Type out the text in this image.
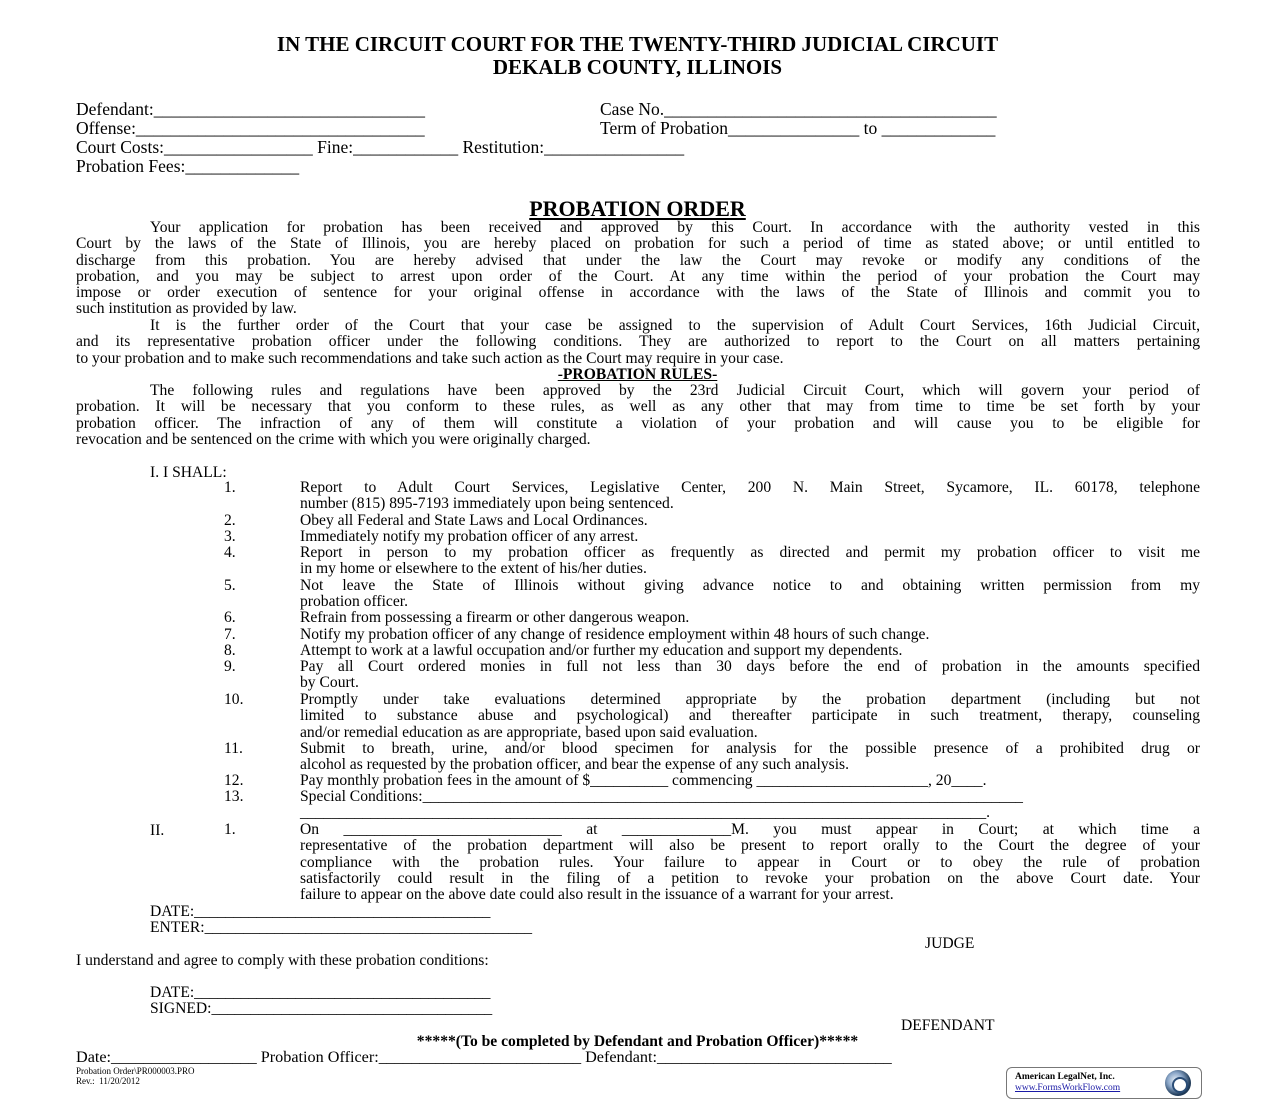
IN THE CIRCUIT COURT FOR THE TWENTY-THIRD JUDICIAL CIRCUIT
DEKALB COUNTY, ILLINOIS
Defendant:_______________________________	Case No.______________________________________
Offense:_________________________________	Term of Probation_______________ to _____________
Court Costs:_________________ Fine:____________ Restitution:________________
Probation Fees:_____________
PROBATION ORDER
Your application for probation has been received and approved by this Court. In accordance with the authority vested in this
Court by the laws of the State of Illinois, you are hereby placed on probation for such a period of time as stated above; or until entitled to
discharge from this probation. You are hereby advised that under the law the Court may revoke or modify any conditions of the
probation, and you may be subject to arrest upon order of the Court. At any time within the period of your probation the Court may
impose or order execution of sentence for your original offense in accordance with the laws of the State of Illinois and commit you to
such institution as provided by law.
It is the further order of the Court that your case be assigned to the supervision of Adult Court Services, 16th Judicial Circuit,
and its representative probation officer under the following conditions. They are authorized to report to the Court on all matters pertaining
to your probation and to make such recommendations and take such action as the Court may require in your case.
-PROBATION RULES-
The following rules and regulations have been approved by the 23rd Judicial Circuit Court, which will govern your period of
probation. It will be necessary that you conform to these rules, as well as any other that may from time to time be set forth by your
probation officer. The infraction of any of them will constitute a violation of your probation and will cause you to be eligible for
revocation and be sentenced on the crime with which you were originally charged.
I. I SHALL:
1.	Report to Adult Court Services, Legislative Center, 200 N. Main Street, Sycamore, IL. 60178, telephone
number (815) 895-7193 immediately upon being sentenced.
2.	Obey all Federal and State Laws and Local Ordinances.
3.	Immediately notify my probation officer of any arrest.
4.	Report in person to my probation officer as frequently as directed and permit my probation officer to visit me
in my home or elsewhere to the extent of his/her duties.
5.	Not leave the State of Illinois without giving advance notice to and obtaining written permission from my
probation officer.
6.	Refrain from possessing a firearm or other dangerous weapon.
7.	Notify my probation officer of any change of residence employment within 48 hours of such change.
8.	Attempt to work at a lawful occupation and/or further my education and support my dependents.
9.	Pay all Court ordered monies in full not less than 30 days before the end of probation in the amounts specified
by Court.
10.	Promptly under take evaluations determined appropriate by the probation department (including but not
limited to substance abuse and psychological) and thereafter participate in such treatment, therapy, counseling
and/or remedial education as are appropriate, based upon said evaluation.
11.	Submit to breath, urine, and/or blood specimen for analysis for the possible presence of a prohibited drug or
alcohol as requested by the probation officer, and bear the expense of any such analysis.
12.	Pay monthly probation fees in the amount of $__________ commencing ______________________, 20____.
13.	Special Conditions:_____________________________________________________________________________
________________________________________________________________________________________.
II.	1.	On ____________________________ at ______________M. you must appear in Court; at which time a
representative of the probation department will also be present to report orally to the Court the degree of your
compliance with the probation rules. Your failure to appear in Court or to obey the rule of probation
satisfactorily could result in the filing of a petition to revoke your probation on the above Court date. Your
failure to appear on the above date could also result in the issuance of a warrant for your arrest.
DATE:______________________________________
ENTER:__________________________________________
JUDGE
I understand and agree to comply with these probation conditions:
DATE:______________________________________
SIGNED:____________________________________
DEFENDANT
*****(To be completed by Defendant and Probation Officer)*****
Date:__________________ Probation Officer:_________________________ Defendant:_____________________________
Probation Order\PR000003.PRO
Rev.:  11/20/2012	American LegalNet, Inc.
www.FormsWorkFlow.com
